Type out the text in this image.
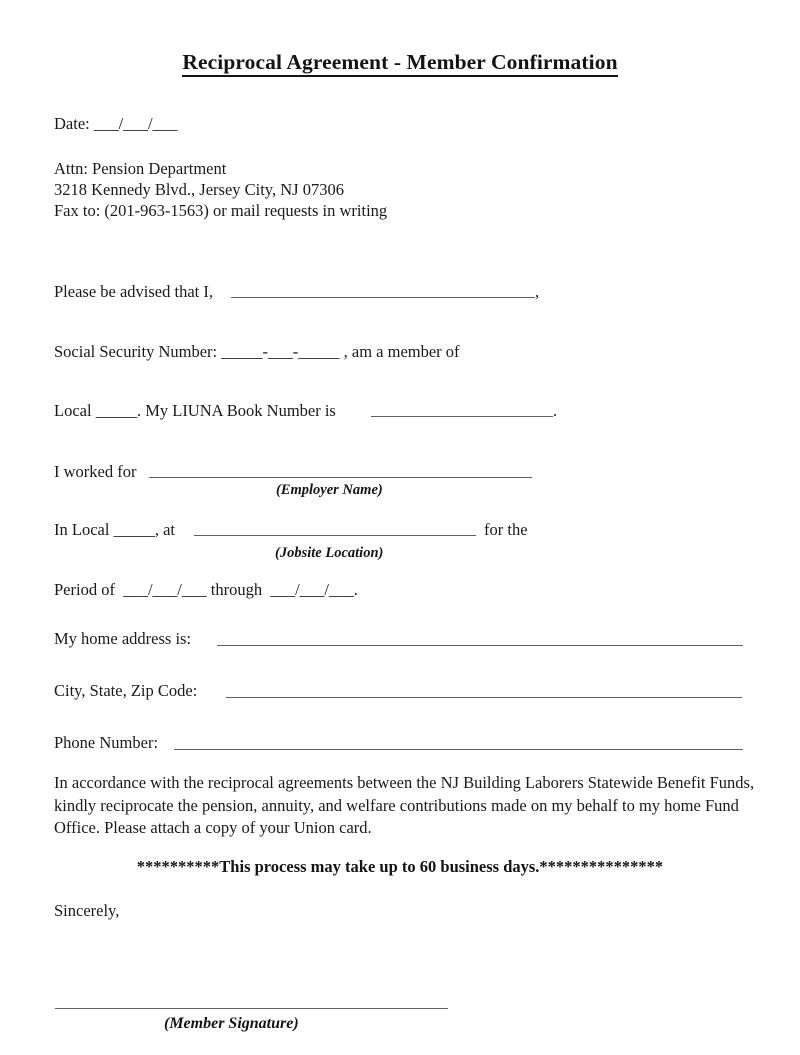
Reciprocal Agreement - Member Confirmation
Date: ___/___/___
Attn: Pension Department
3218 Kennedy Blvd., Jersey City, NJ 07306
Fax to: (201-963-1563) or mail requests in writing
Please be advised that I,	,
Social Security Number: _____-___-_____ , am a member of
Local _____. My LIUNA Book Number is	.
I worked for
(Employer Name)
In Local _____, at	for the
(Jobsite Location)
Period of ___/___/___ through ___/___/___.
My home address is:
City, State, Zip Code:
Phone Number:
In accordance with the reciprocal agreements between the NJ Building Laborers Statewide Benefit Funds, kindly reciprocate the pension, annuity, and welfare contributions made on my behalf to my home Fund Office. Please attach a copy of your Union card.
**********This process may take up to 60 business days.***************
Sincerely,
(Member Signature)
